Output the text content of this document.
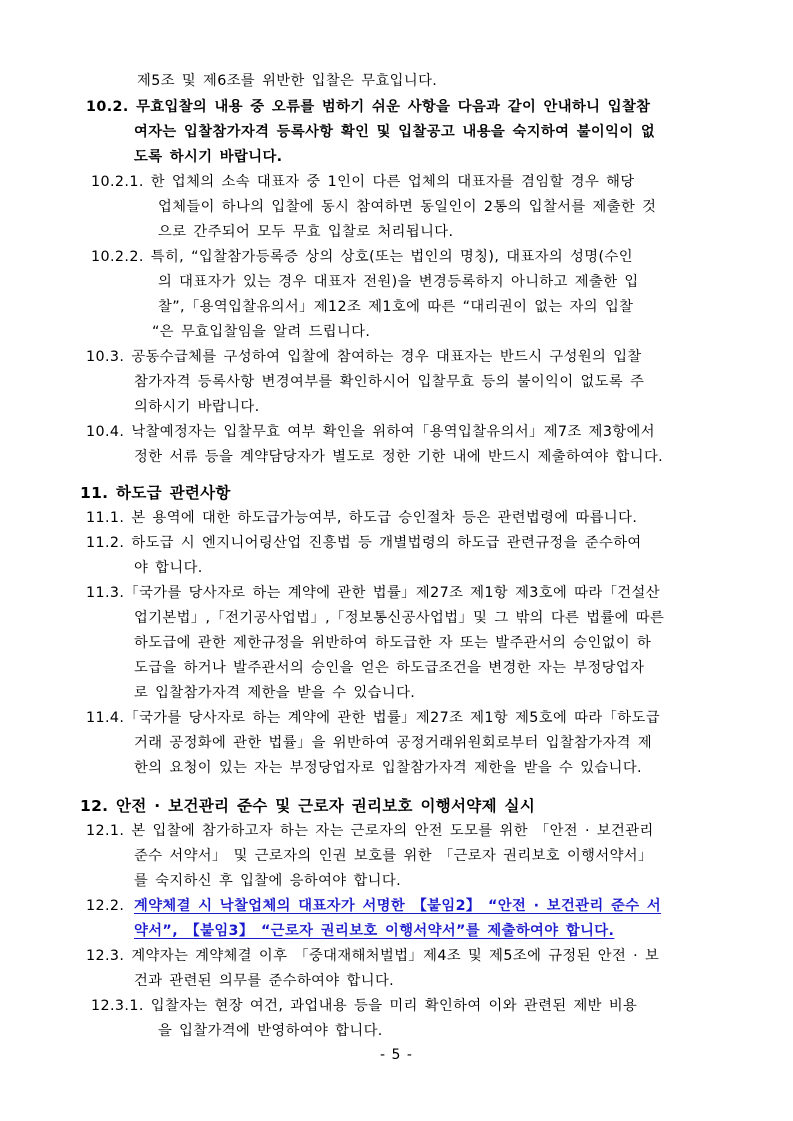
제5조 및 제6조를 위반한 입찰은 무효입니다.
10.2. 무효입찰의 내용 중 오류를 범하기 쉬운 사항을 다음과 같이 안내하니 입찰참
여자는 입찰참가자격 등록사항 확인 및 입찰공고 내용을 숙지하여 불이익이 없
도록 하시기 바랍니다.
10.2.1. 한 업체의 소속 대표자 중 1인이 다른 업체의 대표자를 겸임할 경우 해당
업체들이 하나의 입찰에 동시 참여하면 동일인이 2통의 입찰서를 제출한 것
으로 간주되어 모두 무효 입찰로 처리됩니다.
10.2.2. 특히, “입찰참가등록증 상의 상호(또는 법인의 명칭), 대표자의 성명(수인
의 대표자가 있는 경우 대표자 전원)을 변경등록하지 아니하고 제출한 입
찰”,「용역입찰유의서」제12조 제1호에 따른 “대리권이 없는 자의 입찰
“은 무효입찰임을 알려 드립니다.
10.3. 공동수급체를 구성하여 입찰에 참여하는 경우 대표자는 반드시 구성원의 입찰
참가자격 등록사항 변경여부를 확인하시어 입찰무효 등의 불이익이 없도록 주
의하시기 바랍니다.
10.4. 낙찰예정자는 입찰무효 여부 확인을 위하여「용역입찰유의서」제7조 제3항에서
정한 서류 등을 계약담당자가 별도로 정한 기한 내에 반드시 제출하여야 합니다.
11. 하도급 관련사항
11.1. 본 용역에 대한 하도급가능여부, 하도급 승인절차 등은 관련법령에 따릅니다.
11.2. 하도급 시 엔지니어링산업 진흥법 등 개별법령의 하도급 관련규정을 준수하여
야 합니다.
11.3.「국가를 당사자로 하는 계약에 관한 법률」제27조 제1항 제3호에 따라「건설산
업기본법」,「전기공사업법」,「정보통신공사업법」및 그 밖의 다른 법률에 따른
하도급에 관한 제한규정을 위반하여 하도급한 자 또는 발주관서의 승인없이 하
도급을 하거나 발주관서의 승인을 얻은 하도급조건을 변경한 자는 부정당업자
로 입찰참가자격 제한을 받을 수 있습니다.
11.4.「국가를 당사자로 하는 계약에 관한 법률」제27조 제1항 제5호에 따라「하도급
거래 공정화에 관한 법률」을 위반하여 공정거래위원회로부터 입찰참가자격 제
한의 요청이 있는 자는 부정당업자로 입찰참가자격 제한을 받을 수 있습니다.
12. 안전 · 보건관리 준수 및 근로자 권리보호 이행서약제 실시
12.1. 본 입찰에 참가하고자 하는 자는 근로자의 안전 도모를 위한 「안전 · 보건관리
준수 서약서」 및 근로자의 인권 보호를 위한 「근로자 권리보호 이행서약서」
를 숙지하신 후 입찰에 응하여야 합니다.
12.2. 계약체결 시 낙찰업체의 대표자가 서명한 【붙임2】 “안전 · 보건관리 준수 서
약서”, 【붙임3】 “근로자 권리보호 이행서약서”를 제출하여야 합니다.
12.3. 계약자는 계약체결 이후 「중대재해처벌법」제4조 및 제5조에 규정된 안전 · 보
건과 관련된 의무를 준수하여야 합니다.
12.3.1. 입찰자는 현장 여건, 과업내용 등을 미리 확인하여 이와 관련된 제반 비용
을 입찰가격에 반영하여야 합니다.
- 5 -
